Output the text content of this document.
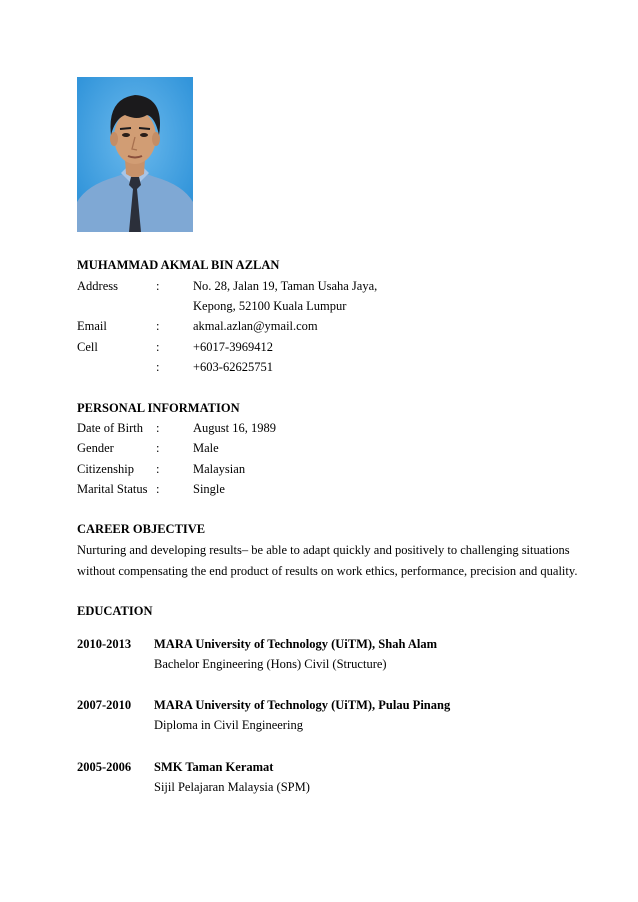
MUHAMMAD AKMAL BIN AZLAN
Address	:	No. 28, Jalan 19, Taman Usaha Jaya,
Kepong, 52100 Kuala Lumpur
Email	:	akmal.azlan@ymail.com
Cell	:	+6017-3969412
:	+603-62625751
PERSONAL INFORMATION
Date of Birth :	August 16, 1989
Gender	:	Male
Citizenship :	Malaysian
Marital Status :	Single
CAREER OBJECTIVE
Nurturing and developing results– be able to adapt quickly and positively to challenging situations
without compensating the end product of results on work ethics, performance, precision and quality.
EDUCATION
2010-2013 MARA University of Technology (UiTM), Shah Alam
Bachelor Engineering (Hons) Civil (Structure)
2007-2010 MARA University of Technology (UiTM), Pulau Pinang
Diploma in Civil Engineering
2005-2006 SMK Taman Keramat
Sijil Pelajaran Malaysia (SPM)
